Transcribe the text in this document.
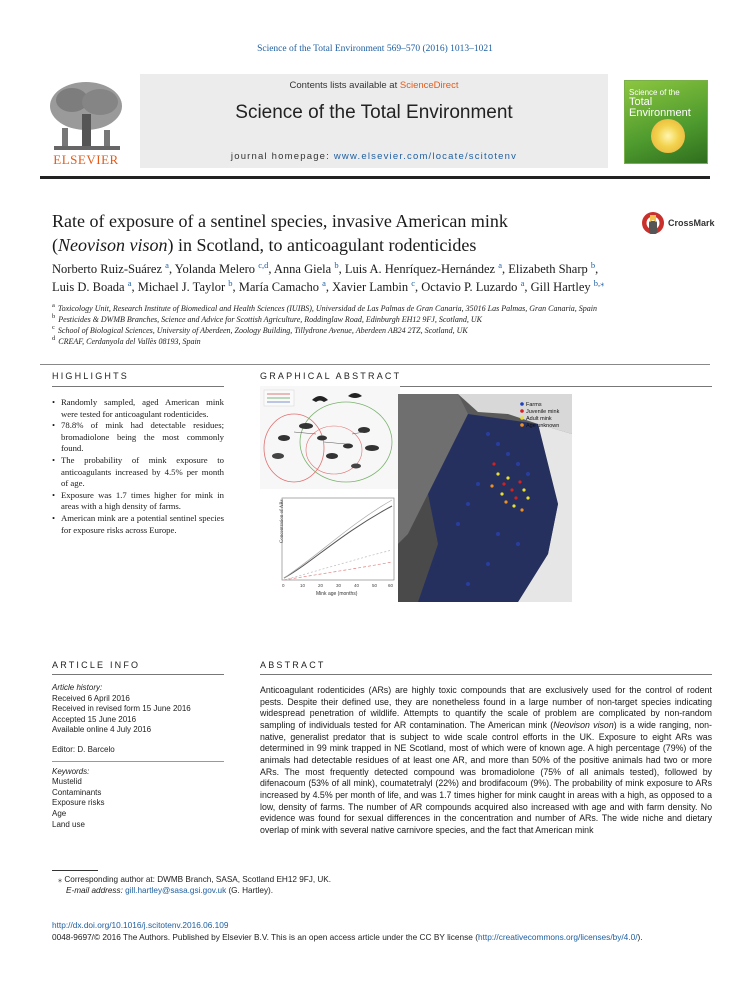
Science of the Total Environment 569–570 (2016) 1013–1021
ELSEVIER
Contents lists available at ScienceDirect
Science of the Total Environment
journal homepage: www.elsevier.com/locate/scitotenv
Science of the
Total Environment
Rate of exposure of a sentinel species, invasive American mink
(Neovison vison) in Scotland, to anticoagulant rodenticides
CrossMark
Norberto Ruiz-Suárez $^a$, Yolanda Melero $^{c,d}$, Anna Giela $^b$, Luis A. Henríquez-Hernández $^a$, Elizabeth Sharp $^b$,
Luis D. Boada $^a$, Michael J. Taylor $^b$, María Camacho $^a$, Xavier Lambin $^c$, Octavio P. Luzardo $^a$, Gill Hartley $^{b,⁎}$
$^a$ Toxicology Unit, Research Institute of Biomedical and Health Sciences (IUIBS), Universidad de Las Palmas de Gran Canaria, 35016 Las Palmas, Gran Canaria, Spain
$^b$ Pesticides & DWMB Branches, Science and Advice for Scottish Agriculture, Roddinglaw Road, Edinburgh EH12 9FJ, Scotland, UK
$^c$ School of Biological Sciences, University of Aberdeen, Zoology Building, Tillydrone Avenue, Aberdeen AB24 2TZ, Scotland, UK
$^d$ CREAF, Cerdanyola del Vallès 08193, Spain
HIGHLIGHTS	GRAPHICAL ABSTRACT
• Randomly sampled, aged American mink were tested for anticoagulant rodenticides.
• 78.8% of mink had detectable residues; bromadiolone being the most commonly found.
• The probability of mink exposure to anticoagulants increased by 4.5% per month of age.
• Exposure was 1.7 times higher for mink in areas with a high density of farms.
• American mink are a potential sentinel species for exposure risks across Europe.	Concentration of ARs
0	10	20	30	40	50 60
Mink age (months)
Farms
Juvenile mink
Adult mink
Age unknown
ARTICLE INFO	ABSTRACT
Article history:
Received 6 April 2016
Received in revised form 15 June 2016
Accepted 15 June 2016
Available online 4 July 2016
Editor: D. Barcelo
Keywords:
Mustelid
Contaminants
Exposure risks
Age
Land use
Anticoagulant rodenticides (ARs) are highly toxic compounds that are exclusively used for the control of rodent pests. Despite their defined use, they are nonetheless found in a large number of non-target species indicating widespread penetration of wildlife. Attempts to quantify the scale of problem are complicated by non-random sampling of individuals tested for AR contamination. The American mink (Neovison vison) is a wide ranging, non-native, generalist predator that is subject to wide scale control efforts in the UK. Exposure to eight ARs was determined in 99 mink trapped in NE Scotland, most of which were of known age. A high percentage (79%) of the animals had detectable residues of at least one AR, and more than 50% of the positive animals had two or more ARs. The most frequently detected compound was bromadiolone (75% of all animals tested), followed by difenacoum (53% of all mink), coumatetralyl (22%) and brodifacoum (9%). The probability of mink exposure to ARs increased by 4.5% per month of life, and was 1.7 times higher for mink caught in areas with a high, as opposed to a low, density of farms. The number of AR compounds acquired also increased with age and with farm density. No evidence was found for sexual differences in the concentration and number of ARs. The wide niche and dietary overlap of mink with several native carnivore species, and the fact that American mink
⁎ Corresponding author at: DWMB Branch, SASA, Scotland EH12 9FJ, UK.
E-mail address: gill.hartley@sasa.gsi.gov.uk (G. Hartley).
http://dx.doi.org/10.1016/j.scitotenv.2016.06.109
0048-9697/© 2016 The Authors. Published by Elsevier B.V. This is an open access article under the CC BY license (http://creativecommons.org/licenses/by/4.0/).
